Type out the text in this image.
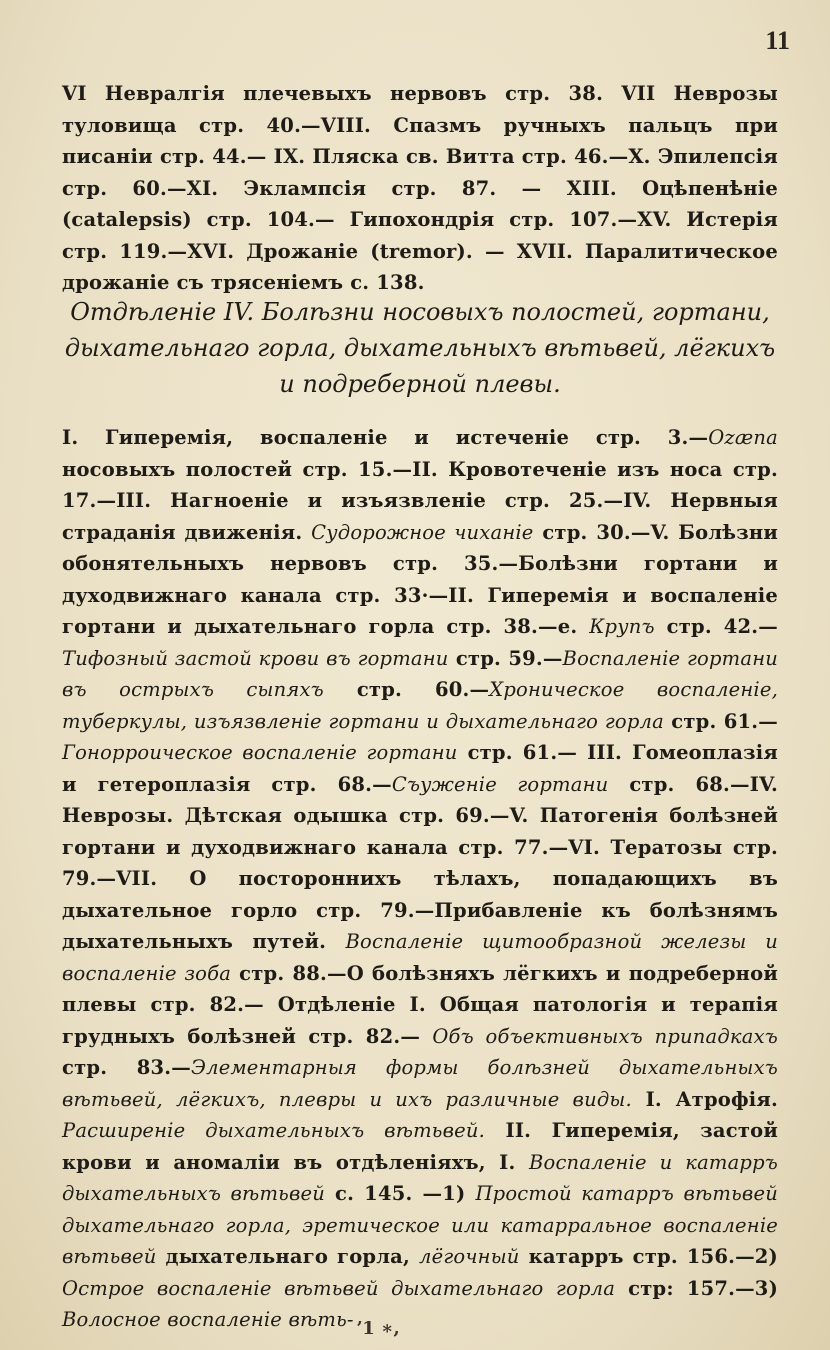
11

VI Невралгія плечевыхъ нервовъ стр. 38. VII Неврозы туловища стр. 40.—VIII. Спазмъ ручныхъ пальцъ при писаніи стр. 44.— IX. Пляска св. Витта стр. 46.—X. Эпилепсія стр. 60.—XI. Эклампсія стр. 87. — XIII. Оцѣпенѣніе (catalepsis) стр. 104.— Гипохондрія стр. 107.—XV. Истерія стр. 119.—XVI. Дрожаніе (tremor). — XVII. Паралитическое дрожаніе съ трясеніемъ с. 138.

Отдѣленіе IV. Болѣзни носовыхъ полостей, гортани,
дыхательнаго горла, дыхательныхъ вѣтьвей, лёгкихъ
и подреберной плевы.

I. Гиперемія, воспаленіе и истеченіе стр. 3.—Ozæna носовыхъ полостей стр. 15.—II. Кровотеченіе изъ носа стр. 17.—III. Нагноеніе и изъязвленіе стр. 25.—IV. Нервныя страданія движенія. Судорожное чиханіе стр. 30.—V. Болѣзни обонятельныхъ нервовъ стр. 35.—Болѣзни гортани и духодвижнаго канала стр. 33·—II. Гиперемія и воспаленіе гортани и дыхательнаго горла стр. 38.—е. Крупъ стр. 42.—Тифозный застой крови въ гортани стр. 59.—Воспаленіе гортани въ острыхъ сыпяхъ стр. 60.—Хроническое воспаленіе, туберкулы, изъязвленіе гортани и дыхательнаго горла стр. 61.—Гонорроическое воспаленіе гортани стр. 61.— III. Гомеоплазія и гетероплазія стр. 68.—Съуженіе гортани стр. 68.—IV. Неврозы. Дѣтская одышка стр. 69.—V. Патогенія болѣзней гортани и духодвижнаго канала стр. 77.—VI. Тератозы стр. 79.—VII. О постороннихъ тѣлахъ, попадающихъ въ дыхательное горло стр. 79.—Прибавленіе къ болѣзнямъ дыхательныхъ путей. Воспаленіе щитообразной железы и воспаленіе зоба стр. 88.—О болѣзняхъ лёгкихъ и подреберной плевы стр. 82.— Отдѣленіе I. Общая патологія и терапія грудныхъ болѣзней стр. 82.— Объ объективныхъ припадкахъ стр. 83.—Элементарныя формы болѣзней дыхательныхъ вѣтьвей, лёгкихъ, плевры и ихъ различные виды. I. Атрофія. Расширеніе дыхательныхъ вѣтьвей. II. Гиперемія, застой крови и аномаліи въ отдѣленіяхъ, I. Воспаленіе и катарръ дыхательныхъ вѣтьвей с. 145. —1) Простой катарръ вѣтьвей дыхательнаго горла, эретическое или катарральное воспаленіе вѣтьвей дыхательнаго горла, лёгочный катарръ стр. 156.—2) Острое воспаленіе вѣтьвей дыхательнаго горла стр: 157.—3) Волосное воспаленіе вѣть- ʼ1 ∗,
